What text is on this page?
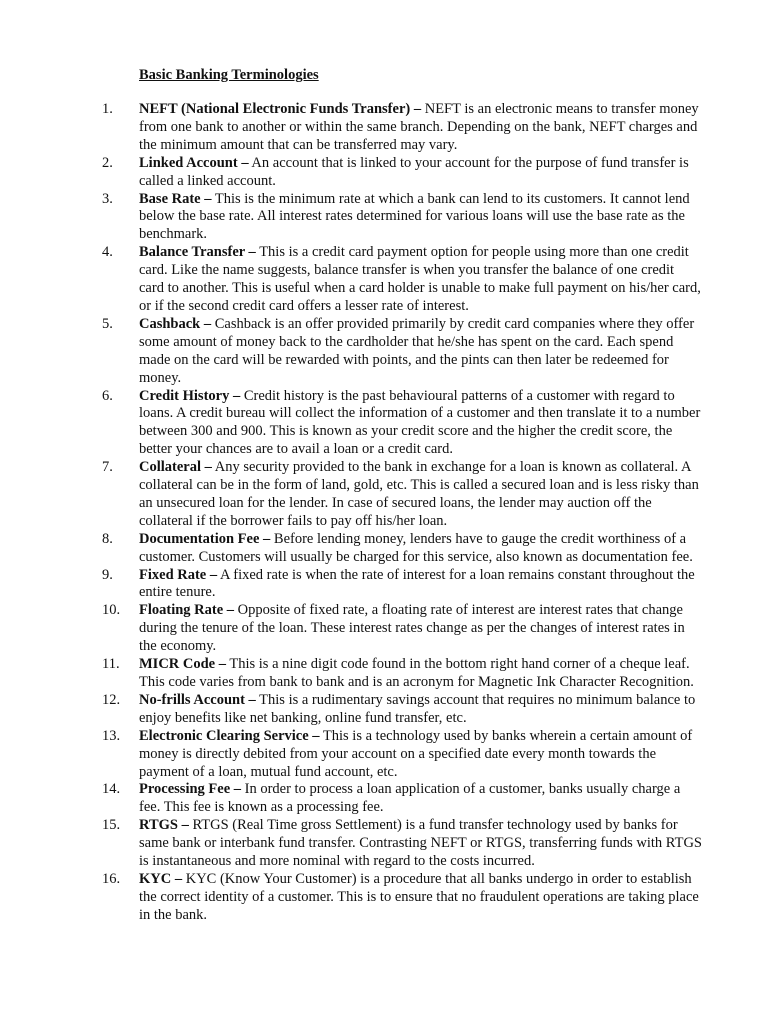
Basic Banking Terminologies
1.	NEFT (National Electronic Funds Transfer) – NEFT is an electronic means to transfer money from one bank to another or within the same branch. Depending on the bank, NEFT charges and the minimum amount that can be transferred may vary.
2.	Linked Account – An account that is linked to your account for the purpose of fund transfer is called a linked account.
3.	Base Rate – This is the minimum rate at which a bank can lend to its customers. It cannot lend below the base rate. All interest rates determined for various loans will use the base rate as the benchmark.
4.	Balance Transfer – This is a credit card payment option for people using more than one credit card. Like the name suggests, balance transfer is when you transfer the balance of one credit card to another. This is useful when a card holder is unable to make full payment on his/her card, or if the second credit card offers a lesser rate of interest.
5.	Cashback – Cashback is an offer provided primarily by credit card companies where they offer some amount of money back to the cardholder that he/she has spent on the card. Each spend made on the card will be rewarded with points, and the pints can then later be redeemed for money.
6.	Credit History – Credit history is the past behavioural patterns of a customer with regard to loans. A credit bureau will collect the information of a customer and then translate it to a number between 300 and 900. This is known as your credit score and the higher the credit score, the better your chances are to avail a loan or a credit card.
7.	Collateral – Any security provided to the bank in exchange for a loan is known as collateral. A collateral can be in the form of land, gold, etc. This is called a secured loan and is less risky than an unsecured loan for the lender. In case of secured loans, the lender may auction off the collateral if the borrower fails to pay off his/her loan.
8.	Documentation Fee – Before lending money, lenders have to gauge the credit worthiness of a customer. Customers will usually be charged for this service, also known as documentation fee.
9.	Fixed Rate – A fixed rate is when the rate of interest for a loan remains constant throughout the entire tenure.
10.	Floating Rate – Opposite of fixed rate, a floating rate of interest are interest rates that change during the tenure of the loan. These interest rates change as per the changes of interest rates in the economy.
11.	MICR Code – This is a nine digit code found in the bottom right hand corner of a cheque leaf. This code varies from bank to bank and is an acronym for Magnetic Ink Character Recognition.
12.	No-frills Account – This is a rudimentary savings account that requires no minimum balance to enjoy benefits like net banking, online fund transfer, etc.
13.	Electronic Clearing Service – This is a technology used by banks wherein a certain amount of money is directly debited from your account on a specified date every month towards the payment of a loan, mutual fund account, etc.
14.	Processing Fee – In order to process a loan application of a customer, banks usually charge a fee. This fee is known as a processing fee.
15.	RTGS – RTGS (Real Time gross Settlement) is a fund transfer technology used by banks for same bank or interbank fund transfer. Contrasting NEFT or RTGS, transferring funds with RTGS is instantaneous and more nominal with regard to the costs incurred.
16.	KYC – KYC (Know Your Customer) is a procedure that all banks undergo in order to establish the correct identity of a customer. This is to ensure that no fraudulent operations are taking place in the bank.
